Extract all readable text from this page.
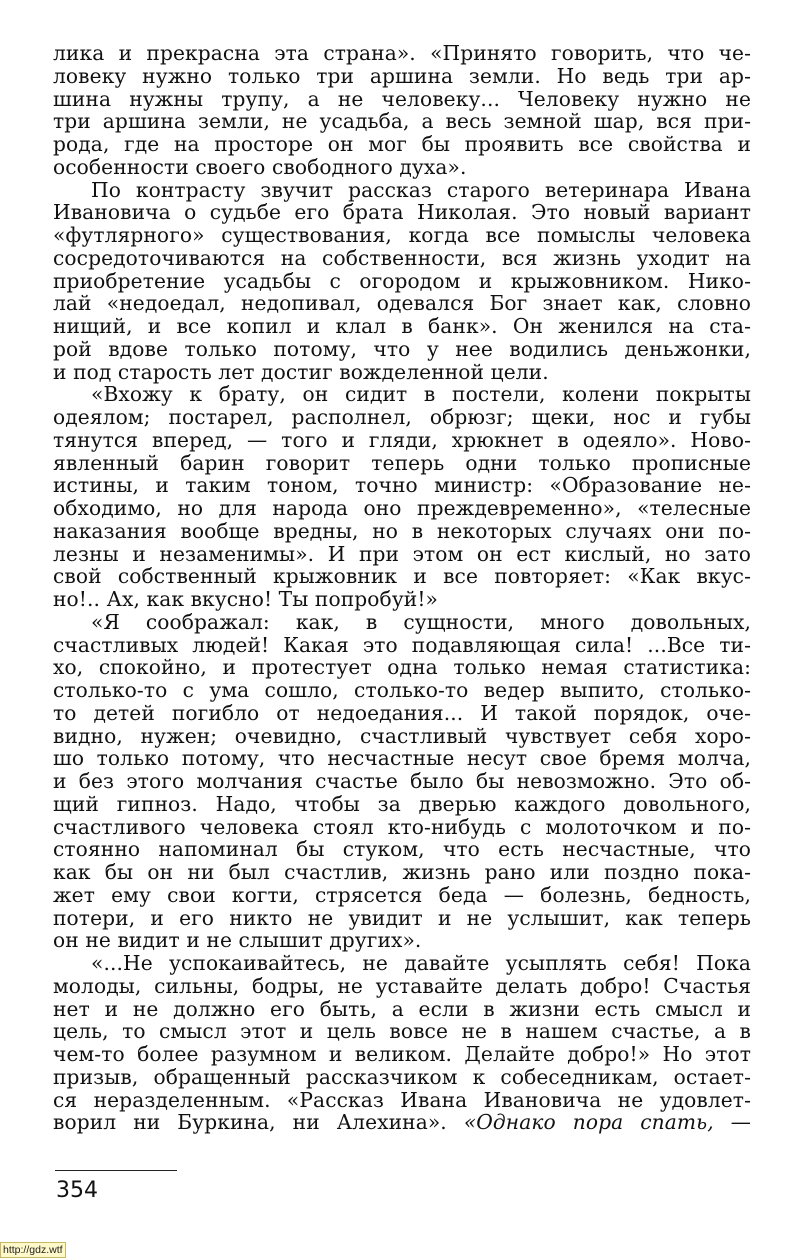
лика и прекрасна эта страна». «Принято говорить, что че-
ловеку нужно только три аршина земли. Но ведь три ар-
шина нужны трупу, а не человеку... Человеку нужно не
три аршина земли, не усадьба, а весь земной шар, вся при-
рода, где на просторе он мог бы проявить все свойства и
особенности своего свободного духа».
По контрасту звучит рассказ старого ветеринара Ивана
Ивановича о судьбе его брата Николая. Это новый вариант
«футлярного» существования, когда все помыслы человека
сосредоточиваются на собственности, вся жизнь уходит на
приобретение усадьбы с огородом и крыжовником. Нико-
лай «недоедал, недопивал, одевался Бог знает как, словно
нищий, и все копил и клал в банк». Он женился на ста-
рой вдове только потому, что у нее водились деньжонки,
и под старость лет достиг вожделенной цели.
«Вхожу к брату, он сидит в постели, колени покрыты
одеялом; постарел, располнел, обрюзг; щеки, нос и губы
тянутся вперед, — того и гляди, хрюкнет в одеяло». Ново-
явленный барин говорит теперь одни только прописные
истины, и таким тоном, точно министр: «Образование не-
обходимо, но для народа оно преждевременно», «телесные
наказания вообще вредны, но в некоторых случаях они по-
лезны и незаменимы». И при этом он ест кислый, но зато
свой собственный крыжовник и все повторяет: «Как вкус-
но!.. Ах, как вкусно! Ты попробуй!»
«Я соображал: как, в сущности, много довольных,
счастливых людей! Какая это подавляющая сила! ...Все ти-
хо, спокойно, и протестует одна только немая статистика:
столько-то с ума сошло, столько-то ведер выпито, столько-
то детей погибло от недоедания... И такой порядок, оче-
видно, нужен; очевидно, счастливый чувствует себя хоро-
шо только потому, что несчастные несут свое бремя молча,
и без этого молчания счастье было бы невозможно. Это об-
щий гипноз. Надо, чтобы за дверью каждого довольного,
счастливого человека стоял кто-нибудь с молоточком и по-
стоянно напоминал бы стуком, что есть несчастные, что
как бы он ни был счастлив, жизнь рано или поздно пока-
жет ему свои когти, стрясется беда — болезнь, бедность,
потери, и его никто не увидит и не услышит, как теперь
он не видит и не слышит других».
«...Не успокаивайтесь, не давайте усыплять себя! Пока
молоды, сильны, бодры, не уставайте делать добро! Счастья
нет и не должно его быть, а если в жизни есть смысл и
цель, то смысл этот и цель вовсе не в нашем счастье, а в
чем-то более разумном и великом. Делайте добро!» Но этот
призыв, обращенный рассказчиком к собеседникам, остает-
ся неразделенным. «Рассказ Ивана Ивановича не удовлет-
ворил ни Буркина, ни Алехина». «Однако пора спать, —
354
http://gdz.wtf
